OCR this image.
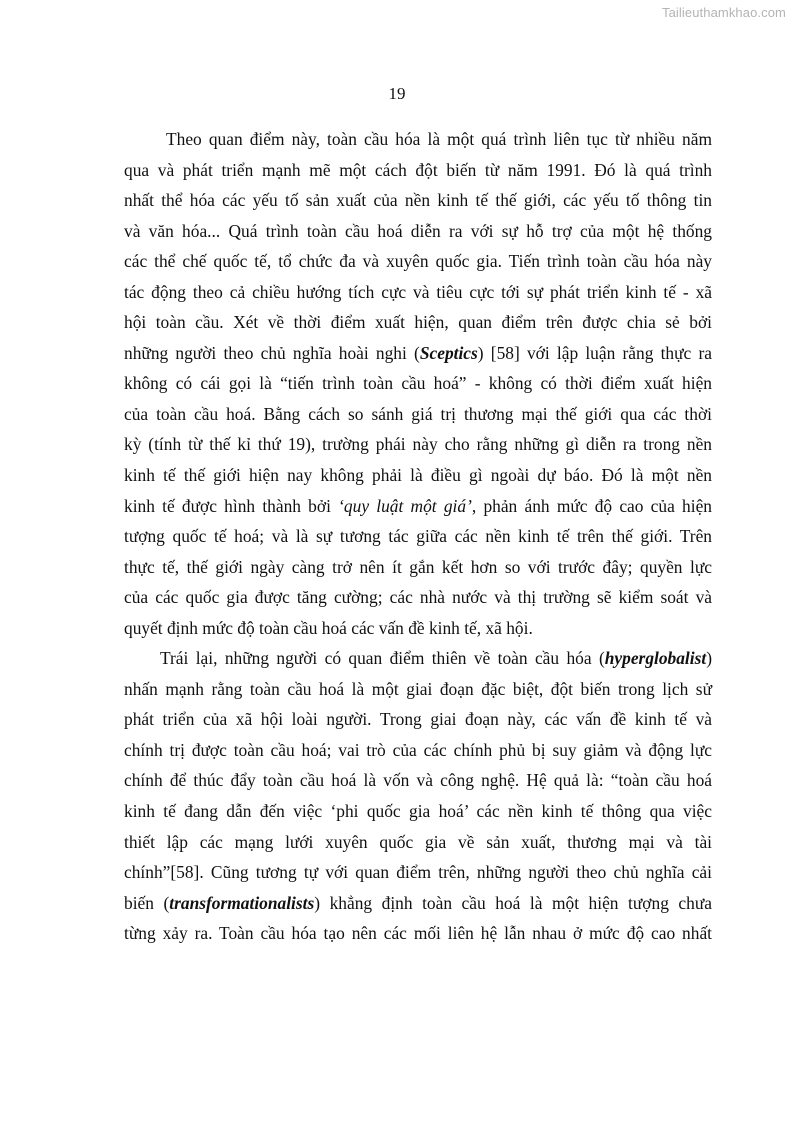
Tailieuthamkhao.com
19
Theo quan điểm này, toàn cầu hóa là một quá trình liên tục từ nhiều năm
qua và phát triển mạnh mẽ một cách đột biến từ năm 1991. Đó là quá trình
nhất thể hóa các yếu tố sản xuất của nền kinh tế thế giới, các yếu tố thông tin
và văn hóa... Quá trình toàn cầu hoá diễn ra với sự hỗ trợ của một hệ thống
các thể chế quốc tế, tổ chức đa và xuyên quốc gia. Tiến trình toàn cầu hóa này
tác động theo cả chiều hướng tích cực và tiêu cực tới sự phát triển kinh tế - xã
hội toàn cầu. Xét về thời điểm xuất hiện, quan điểm trên được chia sẻ bởi
những người theo chủ nghĩa hoài nghi (Sceptics) [58] với lập luận rằng thực ra
không có cái gọi là “tiến trình toàn cầu hoá” - không có thời điểm xuất hiện
của toàn cầu hoá. Bằng cách so sánh giá trị thương mại thế giới qua các thời
kỳ (tính từ thế kỉ thứ 19), trường phái này cho rằng những gì diễn ra trong nền
kinh tế thế giới hiện nay không phải là điều gì ngoài dự báo. Đó là một nền
kinh tế được hình thành bởi ‘quy luật một giá’, phản ánh mức độ cao của hiện
tượng quốc tế hoá; và là sự tương tác giữa các nền kinh tế trên thế giới. Trên
thực tế, thế giới ngày càng trở nên ít gắn kết hơn so với trước đây; quyền lực
của các quốc gia được tăng cường; các nhà nước và thị trường sẽ kiểm soát và
quyết định mức độ toàn cầu hoá các vấn đề kinh tế, xã hội.
Trái lại, những người có quan điểm thiên về toàn cầu hóa (hyperglobalist)
nhấn mạnh rằng toàn cầu hoá là một giai đoạn đặc biệt, đột biến trong lịch sử
phát triển của xã hội loài người. Trong giai đoạn này, các vấn đề kinh tế và
chính trị được toàn cầu hoá; vai trò của các chính phủ bị suy giảm và động lực
chính để thúc đẩy toàn cầu hoá là vốn và công nghệ. Hệ quả là: “toàn cầu hoá
kinh tế đang dẫn đến việc ‘phi quốc gia hoá’ các nền kinh tế thông qua việc
thiết lập các mạng lưới xuyên quốc gia về sản xuất, thương mại và tài
chính”[58]. Cũng tương tự với quan điểm trên, những người theo chủ nghĩa cải
biến (transformationalists) khẳng định toàn cầu hoá là một hiện tượng chưa
từng xảy ra. Toàn cầu hóa tạo nên các mối liên hệ lẫn nhau ở mức độ cao nhất
